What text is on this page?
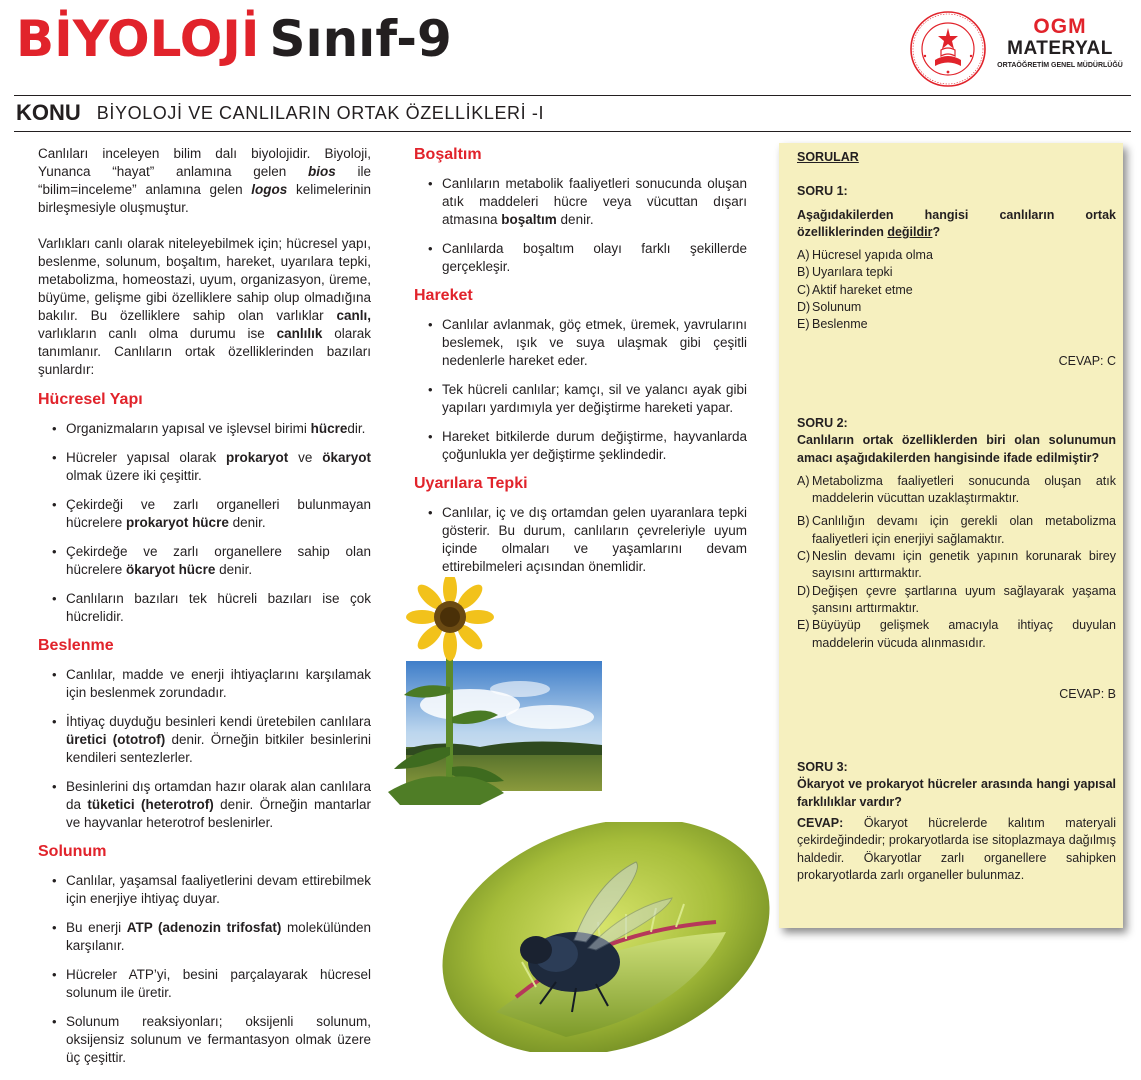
BİYOLOJİ Sınıf-9	OGM
MATERYAL
ORTAÖĞRETİM GENEL MÜDÜRLÜĞÜ
KONU BİYOLOJİ VE CANLILARIN ORTAK ÖZELLİKLERİ -I

Canlıları inceleyen bilim dalı biyolojidir. Biyoloji, Yunanca “hayat” anlamına gelen bios ile “bilim=inceleme” anlamına gelen logos kelimelerinin birleşmesiyle oluşmuştur.

Varlıkları canlı olarak niteleyebilmek için; hücresel yapı, beslenme, solunum, boşaltım, hareket, uyarılara tepki, metabolizma, homeostazi, uyum, organizasyon, üreme, büyüme, gelişme gibi özelliklere sahip olup olmadığına bakılır. Bu özelliklere sahip olan varlıklar canlı, varlıkların canlı olma durumu ise canlılık olarak tanımlanır. Canlıların ortak özelliklerinden bazıları şunlardır:

Hücresel Yapı
• Organizmaların yapısal ve işlevsel birimi hücredir.
• Hücreler yapısal olarak prokaryot ve ökaryot olmak üzere iki çeşittir.
• Çekirdeği ve zarlı organelleri bulunmayan hücrelere prokaryot hücre denir.
• Çekirdeğe ve zarlı organellere sahip olan hücrelere ökaryot hücre denir.
• Canlıların bazıları tek hücreli bazıları ise çok hücrelidir.
Beslenme
• Canlılar, madde ve enerji ihtiyaçlarını karşılamak için beslenmek zorundadır.
• İhtiyaç duyduğu besinleri kendi üretebilen canlılara üretici (ototrof) denir. Örneğin bitkiler besinlerini kendileri sentezlerler.
• Besinlerini dış ortamdan hazır olarak alan canlılara da tüketici (heterotrof) denir. Örneğin mantarlar ve hayvanlar heterotrof beslenirler.
Solunum
• Canlılar, yaşamsal faaliyetlerini devam ettirebilmek için enerjiye ihtiyaç duyar.
• Bu enerji ATP (adenozin trifosfat) molekülünden karşılanır.
• Hücreler ATP’yi, besini parçalayarak hücresel solunum ile üretir.
• Solunum reaksiyonları; oksijenli solunum, oksijensiz solunum ve fermantasyon olmak üzere üç çeşittir.
Boşaltım
• Canlıların metabolik faaliyetleri sonucunda oluşan atık maddeleri hücre veya vücuttan dışarı atmasına boşaltım denir.
• Canlılarda boşaltım olayı farklı şekillerde gerçekleşir.
Hareket
• Canlılar avlanmak, göç etmek, üremek, yavrularını beslemek, ışık ve suya ulaşmak gibi çeşitli nedenlerle hareket eder.
• Tek hücreli canlılar; kamçı, sil ve yalancı ayak gibi yapıları yardımıyla yer değiştirme hareketi yapar.
• Hareket bitkilerde durum değiştirme, hayvanlarda çoğunlukla yer değiştirme şeklindedir.
Uyarılara Tepki
• Canlılar, iç ve dış ortamdan gelen uyaranlara tepki gösterir. Bu durum, canlıların çevreleriyle uyum içinde olmaları ve yaşamlarını devam ettirebilmeleri açısından önemlidir.
SORULAR
SORU 1:
Aşağıdakilerden hangisi canlıların ortak özelliklerinden değildir?
A) Hücresel yapıda olma
B) Uyarılara tepki
C) Aktif hareket etme
D) Solunum
E) Beslenme
CEVAP: C
SORU 2:
Canlıların ortak özelliklerden biri olan solunumun amacı aşağıdakilerden hangisinde ifade edilmiştir?
A) Metabolizma faaliyetleri sonucunda oluşan atık maddelerin vücuttan uzaklaştırmaktır.
B) Canlılığın devamı için gerekli olan metabolizma faaliyetleri için enerjiyi sağlamaktır.
C) Neslin devamı için genetik yapının korunarak birey sayısını arttırmaktır.
D) Değişen çevre şartlarına uyum sağlayarak yaşama şansını arttırmaktır.
E) Büyüyüp gelişmek amacıyla ihtiyaç duyulan maddelerin vücuda alınmasıdır.
CEVAP: B
SORU 3:
Ökaryot ve prokaryot hücreler arasında hangi yapısal farklılıklar vardır?
CEVAP: Ökaryot hücrelerde kalıtım materyali çekirdeğindedir; prokaryotlarda ise sitoplazmaya dağılmış haldedir. Ökaryotlar zarlı organellere sahipken prokaryotlarda zarlı organeller bulunmaz.
